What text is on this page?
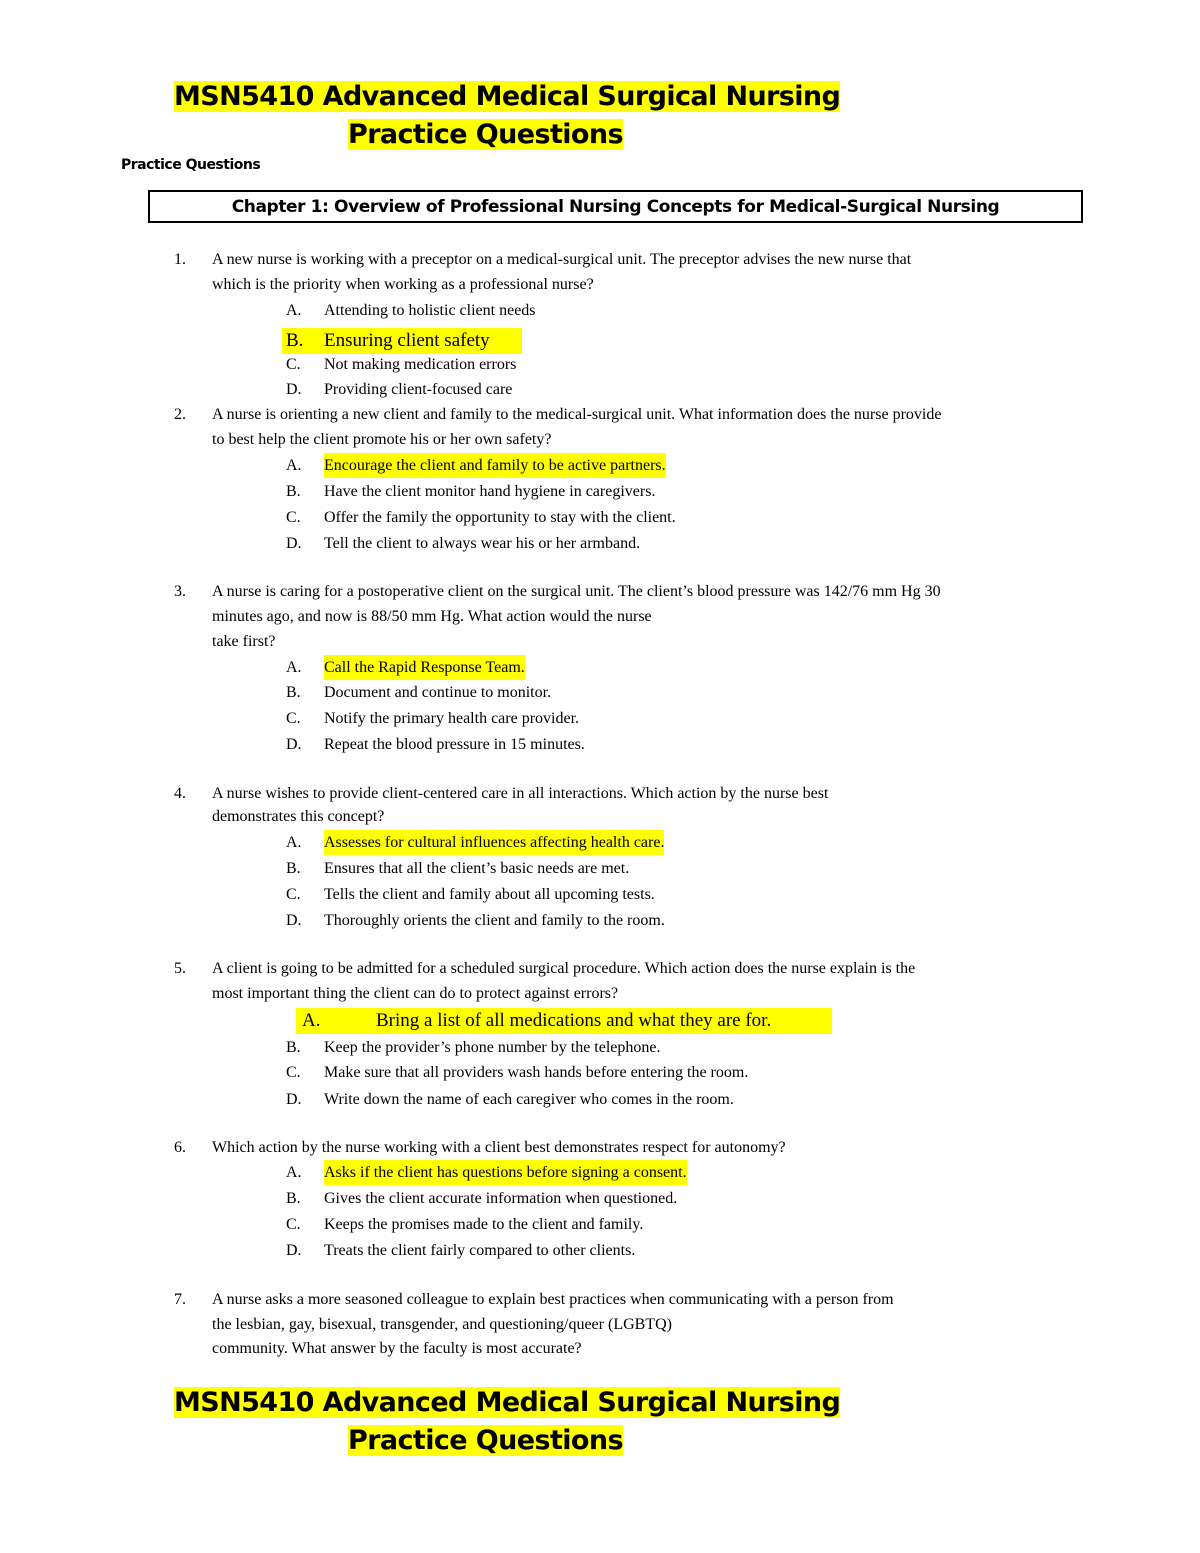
MSN5410 Advanced Medical Surgical Nursing
Practice Questions
Practice Questions
Chapter 1: Overview of Professional Nursing Concepts for Medical-Surgical Nursing
1. A new nurse is working with a preceptor on a medical-surgical unit. The preceptor advises the new nurse that
which is the priority when working as a professional nurse?
A. Attending to holistic client needs
B. Ensuring client safety
C. Not making medication errors
D. Providing client-focused care
2. A nurse is orienting a new client and family to the medical-surgical unit. What information does the nurse provide
to best help the client promote his or her own safety?
A. Encourage the client and family to be active partners.
B. Have the client monitor hand hygiene in caregivers.
C. Offer the family the opportunity to stay with the client.
D. Tell the client to always wear his or her armband.
3. A nurse is caring for a postoperative client on the surgical unit. The client’s blood pressure was 142/76 mm Hg 30
minutes ago, and now is 88/50 mm Hg. What action would the nurse
take first?
A. Call the Rapid Response Team.
B. Document and continue to monitor.
C. Notify the primary health care provider.
D. Repeat the blood pressure in 15 minutes.
4. A nurse wishes to provide client-centered care in all interactions. Which action by the nurse best
demonstrates this concept?
A. Assesses for cultural influences affecting health care.
B. Ensures that all the client’s basic needs are met.
C. Tells the client and family about all upcoming tests.
D. Thoroughly orients the client and family to the room.
5. A client is going to be admitted for a scheduled surgical procedure. Which action does the nurse explain is the
most important thing the client can do to protect against errors?
A.	Bring a list of all medications and what they are for.
B. Keep the provider’s phone number by the telephone.
C. Make sure that all providers wash hands before entering the room.
D. Write down the name of each caregiver who comes in the room.
6. Which action by the nurse working with a client best demonstrates respect for autonomy?
A. Asks if the client has questions before signing a consent.
B. Gives the client accurate information when questioned.
C. Keeps the promises made to the client and family.
D. Treats the client fairly compared to other clients.
7. A nurse asks a more seasoned colleague to explain best practices when communicating with a person from
the lesbian, gay, bisexual, transgender, and questioning/queer (LGBTQ)
community. What answer by the faculty is most accurate?
MSN5410 Advanced Medical Surgical Nursing
Practice Questions
